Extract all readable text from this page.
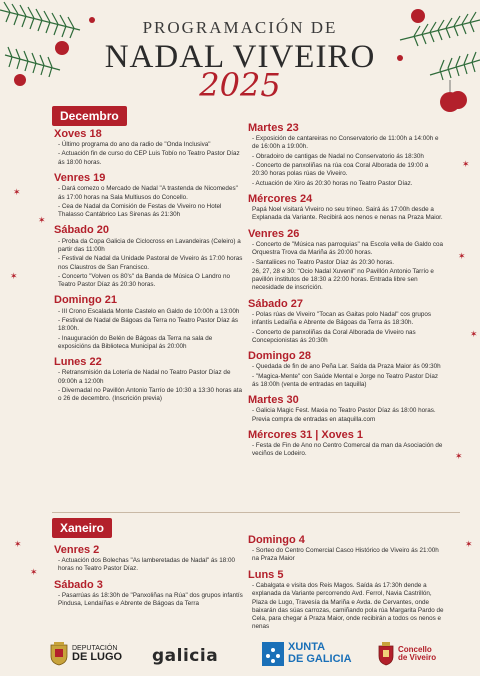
✶
✶
✶
✶
✶
✶
✶
✶
✶
✶
PROGRAMACIÓN DE
NADAL VIVEIRO
2025
Decembro
Xoves 18
- Último programa do ano da radio de "Onda Inclusiva"
- Actuación fin de curso do CEP Luis Tobío no Teatro Pastor Díaz ás 18:00 horas.
Venres 19
- Dará comezo o Mercado de Nadal "A trastenda de Nicomedes" ás 17:00 horas na Sala Multiusos do Concello.
- Cea de Nadal da Comisión de Festas de Viveiro no Hotel Thalasso Cantábrico Las Sirenas ás 21:30h
Sábado 20
- Proba da Copa Galicia de Ciclocross en Lavandeiras (Celeiro) a partir das 11:00h
- Festival de Nadal da Unidade Pastoral de Viveiro ás 17:00 horas nos Claustros de San Francisco.
- Concerto "Volven os 80's" da Banda de Música O Landro no Teatro Pastor Díaz ás 20:30 horas.
Domingo 21
- III Crono Escalada Monte Castelo en Galdo de 10:00h a 13:00h
- Festival de Nadal de Bágoas da Terra no Teatro Pastor Díaz ás 18:00h.
- Inauguración do Belén de Bágoas da Terra na sala de exposicións da Biblioteca Municipal ás 20:00h
Lunes 22
- Retransmisión da Lotería de Nadal no Teatro Pastor Díaz de 09:00h a 12:00h
- Divernadal no Pavillón Antonio Tarrío de 10:30 a 13:30 horas ata o 26 de decembro. (Inscrición previa)
Martes 23
- Exposición de cantareiras no Conservatorio de 11:00h a 14:00h e de 16:00h a 19:00h.
- Obradoiro de cantigas de Nadal no Conservatorio ás 18:30h
- Concerto de panxoliñas na rúa coa Coral Alborada de 19:00 a 20:30 horas polas rúas de Viveiro.
- Actuación de Xiro ás 20:30 horas no Teatro Pastor Díaz.
Mércores 24
Papá Noel visitará Viveiro no seu trineo. Sairá ás 17:00h desde a Explanada da Variante. Recibirá aos nenos e nenas na Praza Maior.
Venres 26
- Concerto de "Música nas parroquias" na Escola vella de Galdo coa Orquestra Trova da Mariña ás 20:00 horas.
- Santaliices no Teatro Pastor Díaz ás 20:30 horas.
26, 27, 28 e 30: "Ocio Nadal Xuvenil" no Pavillón Antonio Tarrío e pavillón institutos de 18:30 a 22:00 horas. Entrada libre sen necesidade de inscrición.
Sábado 27
- Polas rúas de Viveiro "Tocan as Gaitas polo Nadal" cos grupos infantís Ledaíña e Abrente de Bágoas da Terra ás 18:30h.
- Concerto de panxoliñas da Coral Alborada de Viveiro nas Concepcionistas ás 20:30h
Domingo 28
- Quedada de fin de ano Peña Lar. Saída da Praza Maior ás 09:30h
- "Magica-Mente" con Saúde Mental e Jorge no Teatro Pastor Díaz ás 18:00h (venta de entradas en taquilla)
Martes 30
- Galicia Magic Fest. Maxia no Teatro Pastor Díaz ás 18:00 horas. Previa compra de entradas en ataquilla.com
Mércores 31 | Xoves 1
- Festa de Fin de Ano no Centro Comercal da man da Asociación de veciños de Lodeiro.
Xaneiro
Venres 2
- Actuación dos Bolechas "As lamberetadas de Nadal" ás 18:00 horas no Teatro Pastor Díaz.
Sábado 3
- Pasarrúas ás 18:30h de "Panxoliñas na Rúa" dos grupos infantís Pindusa, Lendaíñas e Abrente de Bágoas da Terra
Domingo 4
- Sorteo do Centro Comercial Casco Histórico de Viveiro ás 21:00h na Praza Maior
Luns 5
- Cabalgata e visita dos Reis Magos. Saída ás 17:30h dende a explanada da Variante percorrendo Avd. Ferrol, Navia Castrillón, Plaza de Lugo, Travesía da Mariña e Avda. de Cervantes, onde baixarán das súas carrozas, camiñando pola rúa Margarita Pardo de Cela, para chegar á Praza Maior, onde recibirán a todos os nenos e nenas
DEPUTACIÓN
DE LUGO galicia	XUNTA
DE GALICIA
Concello
de Viveiro
